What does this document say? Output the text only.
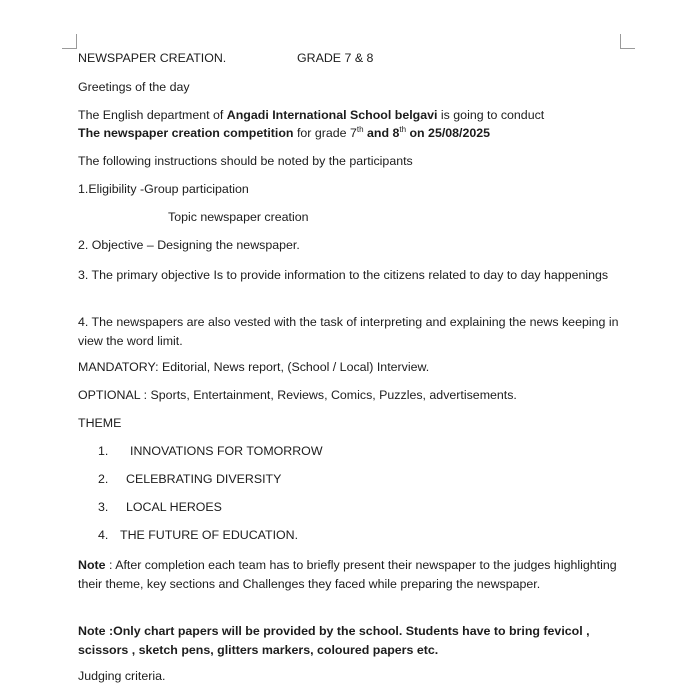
NEWSPAPER CREATION.	GRADE 7 & 8
Greetings of the day
The English department of Angadi International School belgavi is going to conduct
The newspaper creation competition for grade 7th and 8th on 25/08/2025
The following instructions should be noted by the participants
1.Eligibility -Group participation
Topic newspaper creation
2. Objective – Designing the newspaper.
3. The primary objective Is to provide information to the citizens related to day to day happenings
4. The newspapers are also vested with the task of interpreting and explaining the news keeping in view the word limit.
MANDATORY: Editorial, News report, (School / Local) Interview.
OPTIONAL : Sports, Entertainment, Reviews, Comics, Puzzles, advertisements.
THEME
1. INNOVATIONS FOR TOMORROW
2. CELEBRATING DIVERSITY
3. LOCAL HEROES
4. THE FUTURE OF EDUCATION.
Note : After completion each team has to briefly present their newspaper to the judges highlighting their theme, key sections and Challenges they faced while preparing the newspaper.
Note :Only chart papers will be provided by the school. Students have to bring fevicol , scissors , sketch pens, glitters markers, coloured papers etc.
Judging criteria.
